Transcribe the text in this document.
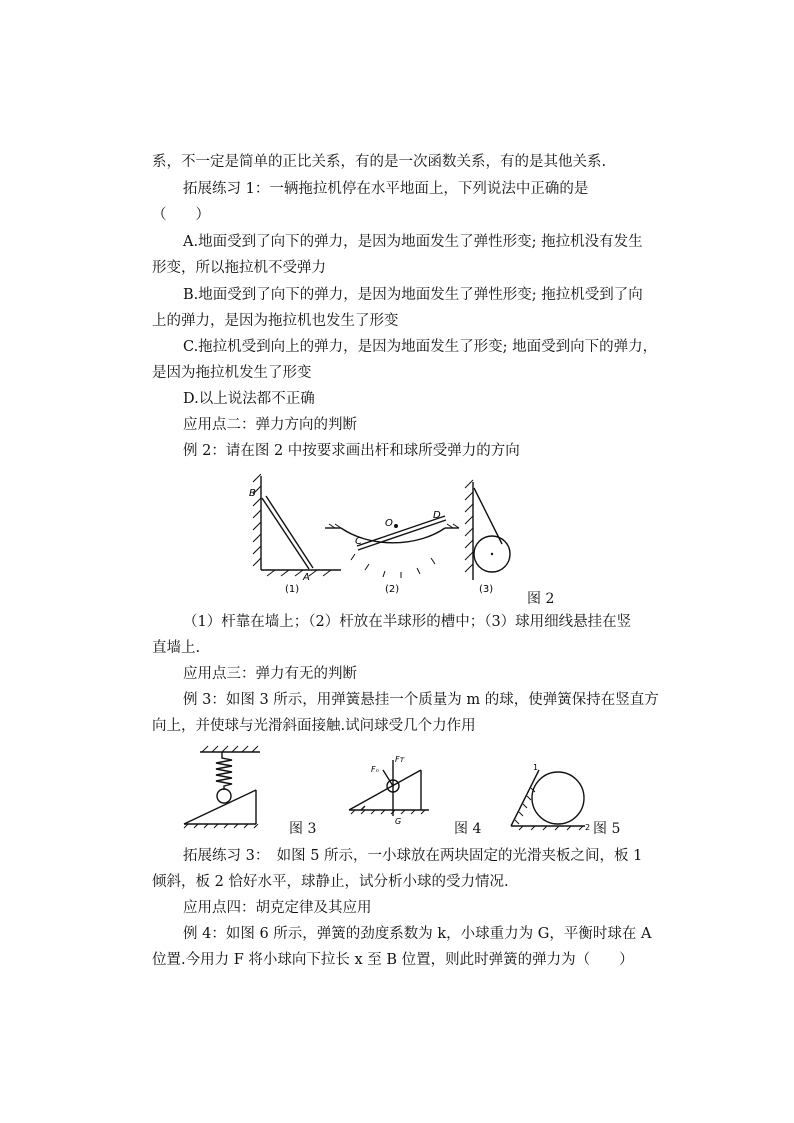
系，不一定是简单的正比关系，有的是一次函数关系，有的是其他关系.
拓展练习 1：一辆拖拉机停在水平地面上，下列说法中正确的是
（　　）
A.地面受到了向下的弹力，是因为地面发生了弹性形变; 拖拉机没有发生
形变，所以拖拉机不受弹力
B.地面受到了向下的弹力，是因为地面发生了弹性形变; 拖拉机受到了向
上的弹力，是因为拖拉机也发生了形变
C.拖拉机受到向上的弹力，是因为地面发生了形变; 地面受到向下的弹力，
是因为拖拉机发生了形变
D.以上说法都不正确
应用点二：弹力方向的判断
例 2：请在图 2 中按要求画出杆和球所受弹力的方向
B
A
C
D
O
(1)	(2)	(3)
图 2
（1）杆靠在墙上；（2）杆放在半球形的槽中；（3）球用细线悬挂在竖
直墙上.
应用点三：弹力有无的判断
例 3：如图 3 所示，用弹簧悬挂一个质量为 m 的球，使弹簧保持在竖直方
向上，并使球与光滑斜面接触.试问球受几个力作用
图 3
Fₙ
Fᴛ
G	图 4
1
2 图 5
拓展练习 3：　如图 5 所示，一小球放在两块固定的光滑夹板之间，板 1
倾斜，板 2 恰好水平，球静止，试分析小球的受力情况.
应用点四：胡克定律及其应用
例 4：如图 6 所示，弹簧的劲度系数为 k，小球重力为 G，平衡时球在 A
位置.今用力 F 将小球向下拉长 x 至 B 位置，则此时弹簧的弹力为（　　）
